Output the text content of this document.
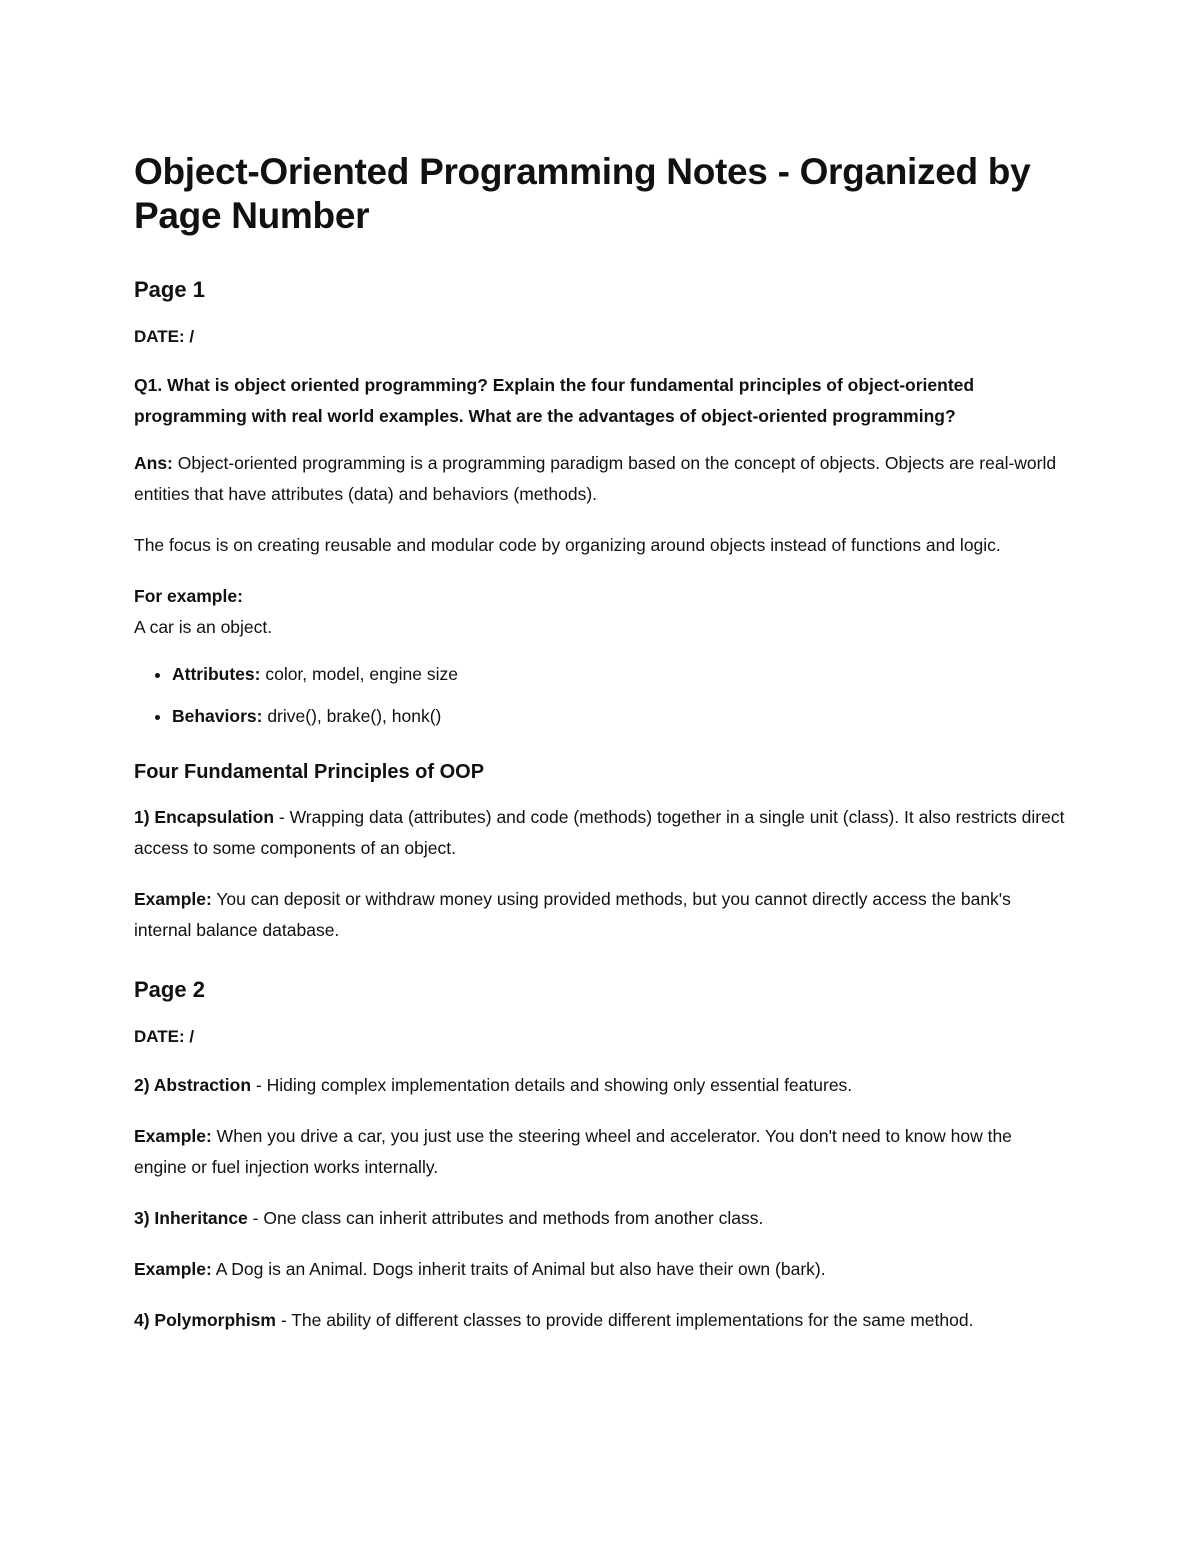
Object-Oriented Programming Notes - Organized by Page Number
Page 1
DATE: /
Q1. What is object oriented programming? Explain the four fundamental principles of object-oriented programming with real world examples. What are the advantages of object-oriented programming?

Ans: Object-oriented programming is a programming paradigm based on the concept of objects. Objects are real-world entities that have attributes (data) and behaviors (methods).

The focus is on creating reusable and modular code by organizing around objects instead of functions and logic.

For example:
A car is an object.
• Attributes: color, model, engine size
• Behaviors: drive(), brake(), honk()
Four Fundamental Principles of OOP

1) Encapsulation - Wrapping data (attributes) and code (methods) together in a single unit (class). It also restricts direct access to some components of an object.

Example: You can deposit or withdraw money using provided methods, but you cannot directly access the bank's internal balance database.

Page 2
DATE: /

2) Abstraction - Hiding complex implementation details and showing only essential features.

Example: When you drive a car, you just use the steering wheel and accelerator. You don't need to know how the engine or fuel injection works internally.

3) Inheritance - One class can inherit attributes and methods from another class.

Example: A Dog is an Animal. Dogs inherit traits of Animal but also have their own (bark).

4) Polymorphism - The ability of different classes to provide different implementations for the same method.
